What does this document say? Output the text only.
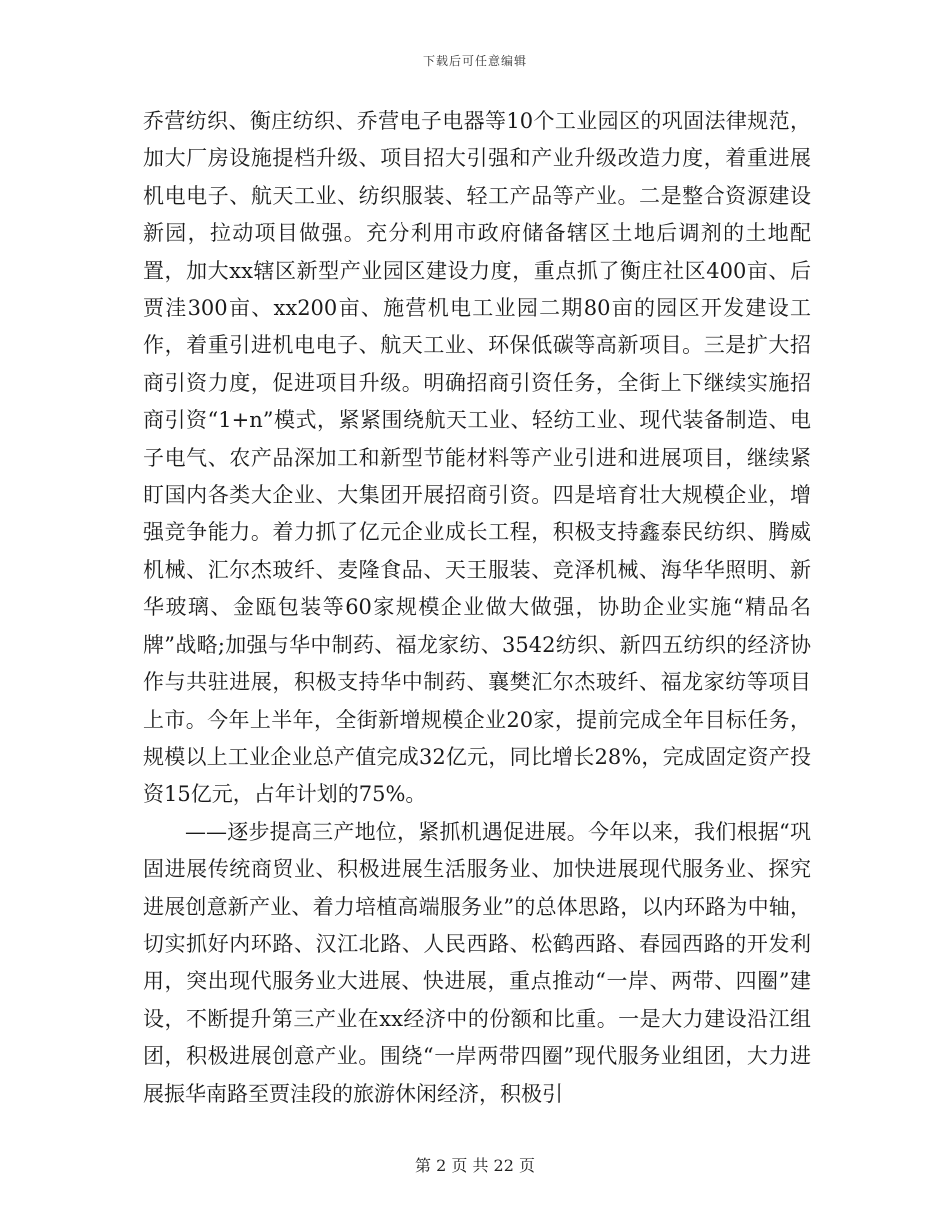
下载后可任意编辑

乔营纺织、衡庄纺织、乔营电子电器等10个工业园区的巩固法律规范，加大厂房设施提档升级、项目招大引强和产业升级改造力度，着重进展机电电子、航天工业、纺织服装、轻工产品等产业。二是整合资源建设新园，拉动项目做强。充分利用市政府储备辖区土地后调剂的土地配置，加大xx辖区新型产业园区建设力度，重点抓了衡庄社区400亩、后贾洼300亩、xx200亩、施营机电工业园二期80亩的园区开发建设工作，着重引进机电电子、航天工业、环保低碳等高新项目。三是扩大招商引资力度，促进项目升级。明确招商引资任务，全街上下继续实施招商引资“1+n”模式，紧紧围绕航天工业、轻纺工业、现代装备制造、电子电气、农产品深加工和新型节能材料等产业引进和进展项目，继续紧盯国内各类大企业、大集团开展招商引资。四是培育壮大规模企业，增强竞争能力。着力抓了亿元企业成长工程，积极支持鑫泰民纺织、腾威机械、汇尔杰玻纤、麦隆食品、天王服装、竞泽机械、海华华照明、新华玻璃、金瓯包装等60家规模企业做大做强，协助企业实施“精品名牌”战略;加强与华中制药、福龙家纺、3542纺织、新四五纺织的经济协作与共驻进展，积极支持华中制药、襄樊汇尔杰玻纤、福龙家纺等项目上市。今年上半年，全街新增规模企业20家，提前完成全年目标任务，规模以上工业企业总产值完成32亿元，同比增长28%，完成固定资产投资15亿元，占年计划的75%。

——逐步提高三产地位，紧抓机遇促进展。今年以来，我们根据“巩固进展传统商贸业、积极进展生活服务业、加快进展现代服务业、探究进展创意新产业、着力培植高端服务业”的总体思路，以内环路为中轴，切实抓好内环路、汉江北路、人民西路、松鹤西路、春园西路的开发利用，突出现代服务业大进展、快进展，重点推动“一岸、两带、四圈”建设，不断提升第三产业在xx经济中的份额和比重。一是大力建设沿江组团，积极进展创意产业。围绕“一岸两带四圈”现代服务业组团，大力进展振华南路至贾洼段的旅游休闲经济，积极引

第 2 页 共 22 页
